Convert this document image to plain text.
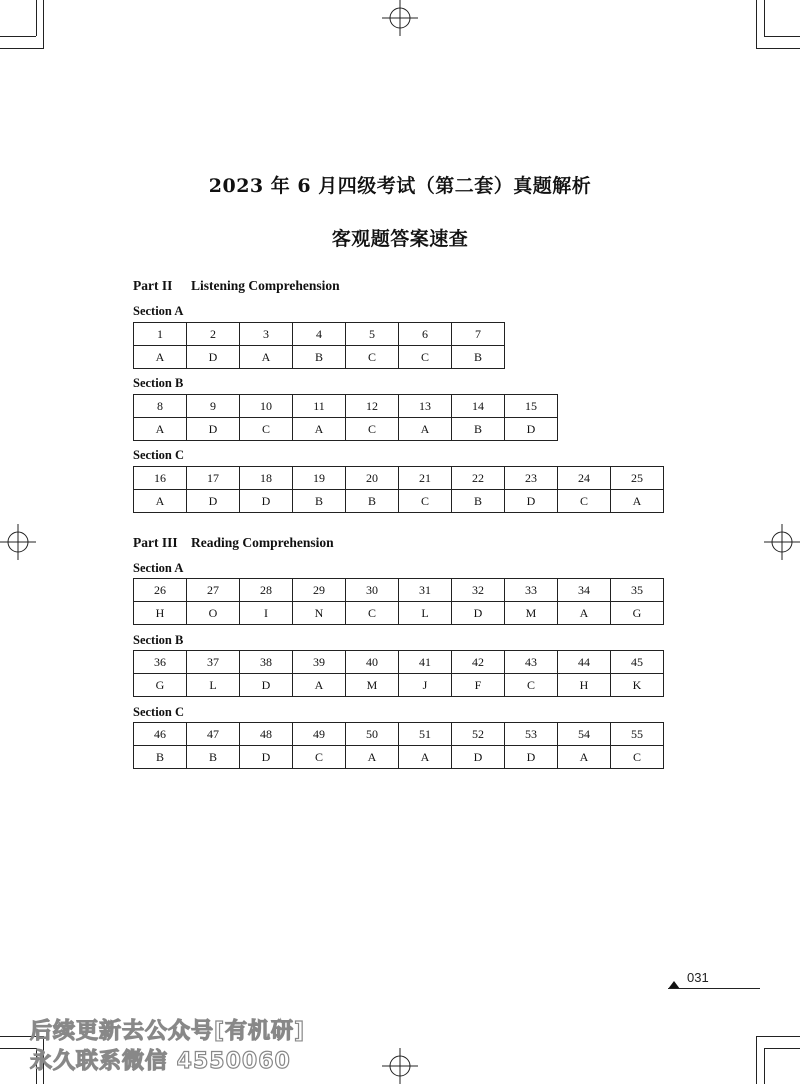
2023 年 6 月四级考试（第二套）真题解析
客观题答案速查
Part II Listening Comprehension
Section A
1	2	3	4	5	6	7
A	D	A	B	C	C	B
Section B
8	9	10	11	12	13	14	15
A	D	C	A	C	A	B	D
Section C
16	17	18	19	20	21	22	23	24	25
A	D	D	B	B	C	B	D	C	A
Part III Reading Comprehension
Section A
26	27	28	29	30	31	32	33	34	35
H	O	I	N	C	L	D	M	A	G
Section B
36	37	38	39	40	41	42	43	44	45
G	L	D	A	M	J	F	C	H	K
Section C
46	47	48	49	50	51	52	53	54	55
B	B	D	C	A	A	D	D	A	C
031
后续更新去公众号[有机研]
永久联系微信 4550060
